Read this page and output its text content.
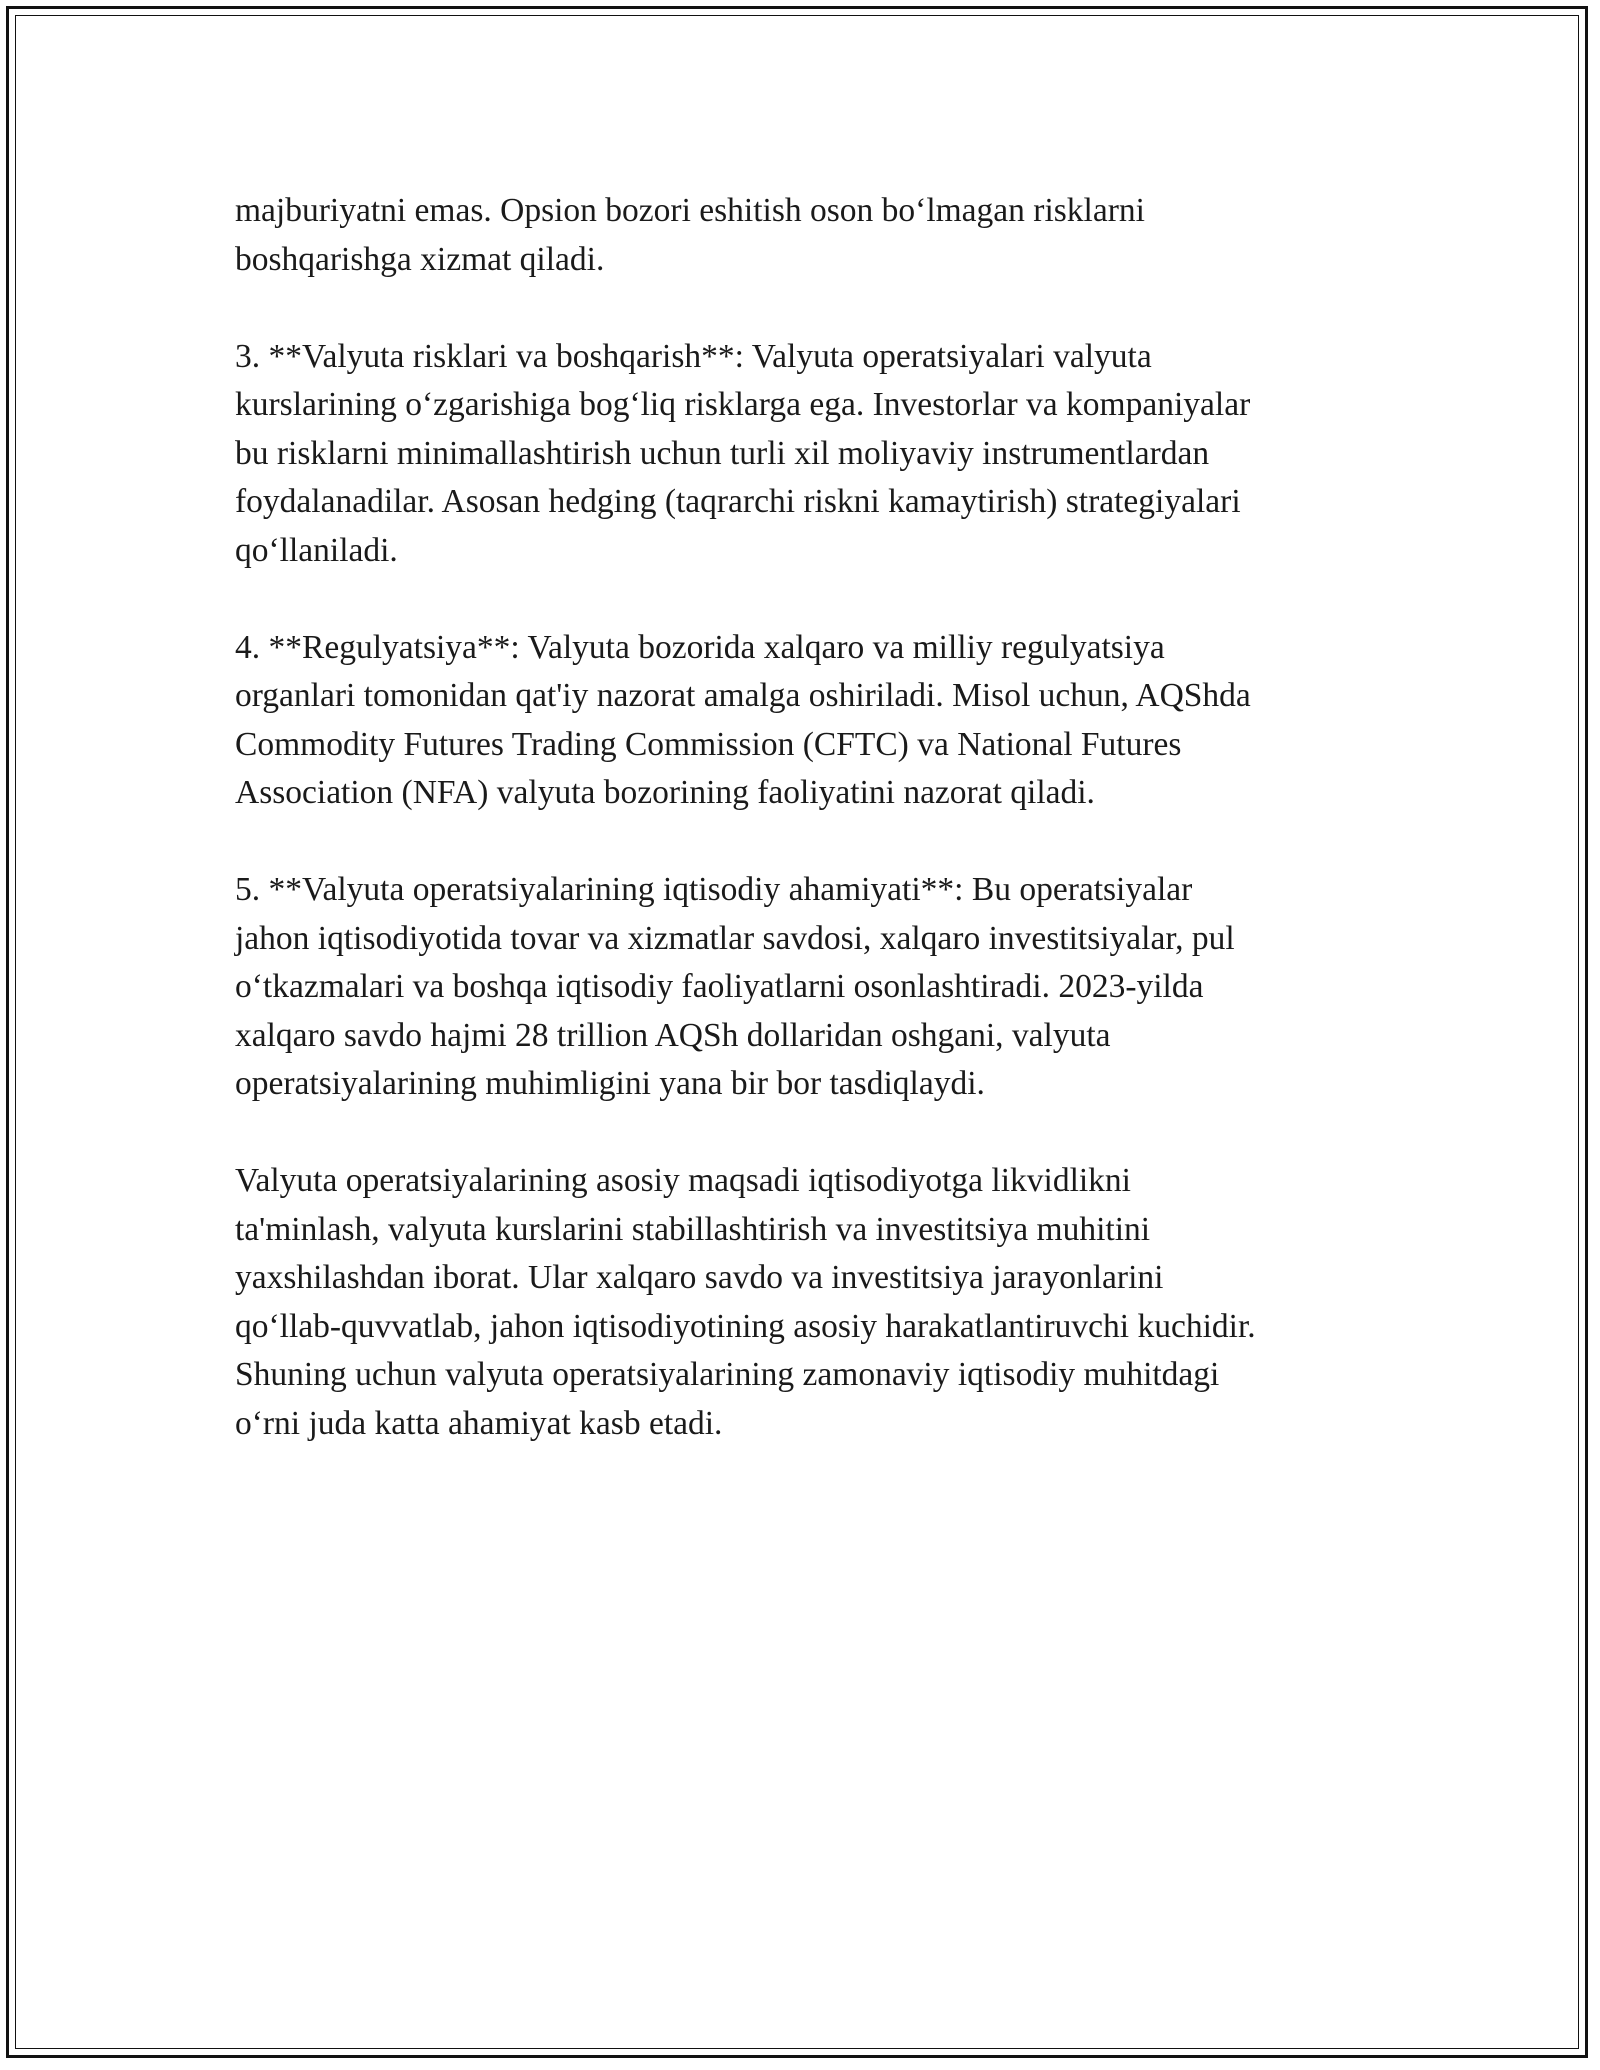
majburiyatni emas. Opsion bozori eshitish oson bo‘lmagan risklarni
boshqarishga xizmat qiladi.

3. **Valyuta risklari va boshqarish**: Valyuta operatsiyalari valyuta
kurslarining o‘zgarishiga bog‘liq risklarga ega. Investorlar va kompaniyalar
bu risklarni minimallashtirish uchun turli xil moliyaviy instrumentlardan
foydalanadilar. Asosan hedging (taqrarchi riskni kamaytirish) strategiyalari
qo‘llaniladi.

4. **Regulyatsiya**: Valyuta bozorida xalqaro va milliy regulyatsiya
organlari tomonidan qat'iy nazorat amalga oshiriladi. Misol uchun, AQShda
Commodity Futures Trading Commission (CFTC) va National Futures
Association (NFA) valyuta bozorining faoliyatini nazorat qiladi.

5. **Valyuta operatsiyalarining iqtisodiy ahamiyati**: Bu operatsiyalar
jahon iqtisodiyotida tovar va xizmatlar savdosi, xalqaro investitsiyalar, pul
o‘tkazmalari va boshqa iqtisodiy faoliyatlarni osonlashtiradi. 2023-yilda
xalqaro savdo hajmi 28 trillion AQSh dollaridan oshgani, valyuta
operatsiyalarining muhimligini yana bir bor tasdiqlaydi.

Valyuta operatsiyalarining asosiy maqsadi iqtisodiyotga likvidlikni
ta'minlash, valyuta kurslarini stabillashtirish va investitsiya muhitini
yaxshilashdan iborat. Ular xalqaro savdo va investitsiya jarayonlarini
qo‘llab-quvvatlab, jahon iqtisodiyotining asosiy harakatlantiruvchi kuchidir.
Shuning uchun valyuta operatsiyalarining zamonaviy iqtisodiy muhitdagi
o‘rni juda katta ahamiyat kasb etadi.
